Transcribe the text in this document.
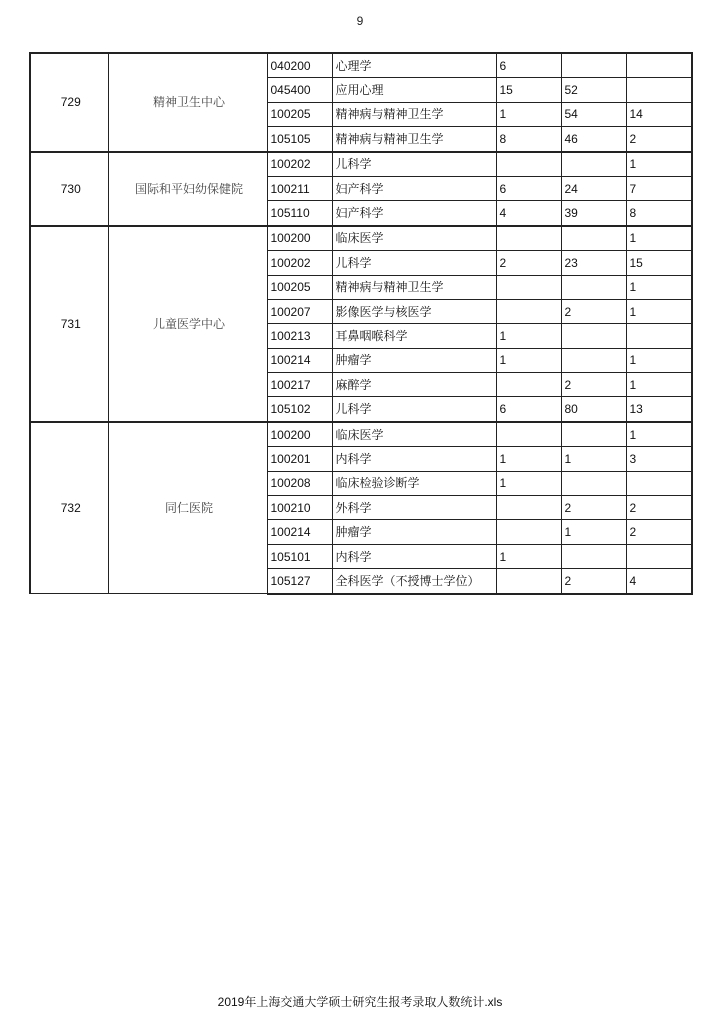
9
729	精神卫生中心	040200	心理学	6		
		045400	应用心理	15	52	
		100205	精神病与精神卫生学	1	54	14
		105105	精神病与精神卫生学	8	46	2
730	国际和平妇幼保健院	100202	儿科学			1
		100211	妇产科学	6	24	7
		105110	妇产科学	4	39	8
731	儿童医学中心	100200	临床医学			1
		100202	儿科学	2	23	15
		100205	精神病与精神卫生学			1
		100207	影像医学与核医学		2	1
		100213	耳鼻咽喉科学	1		
		100214	肿瘤学	1		1
		100217	麻醉学		2	1
		105102	儿科学	6	80	13
732	同仁医院	100200	临床医学			1
		100201	内科学	1	1	3
		100208	临床检验诊断学	1		
		100210	外科学		2	2
		100214	肿瘤学		1	2
		105101	内科学	1		
		105127	全科医学（不授博士学位）		2	4
2019年上海交通大学硕士研究生报考录取人数统计.xls
